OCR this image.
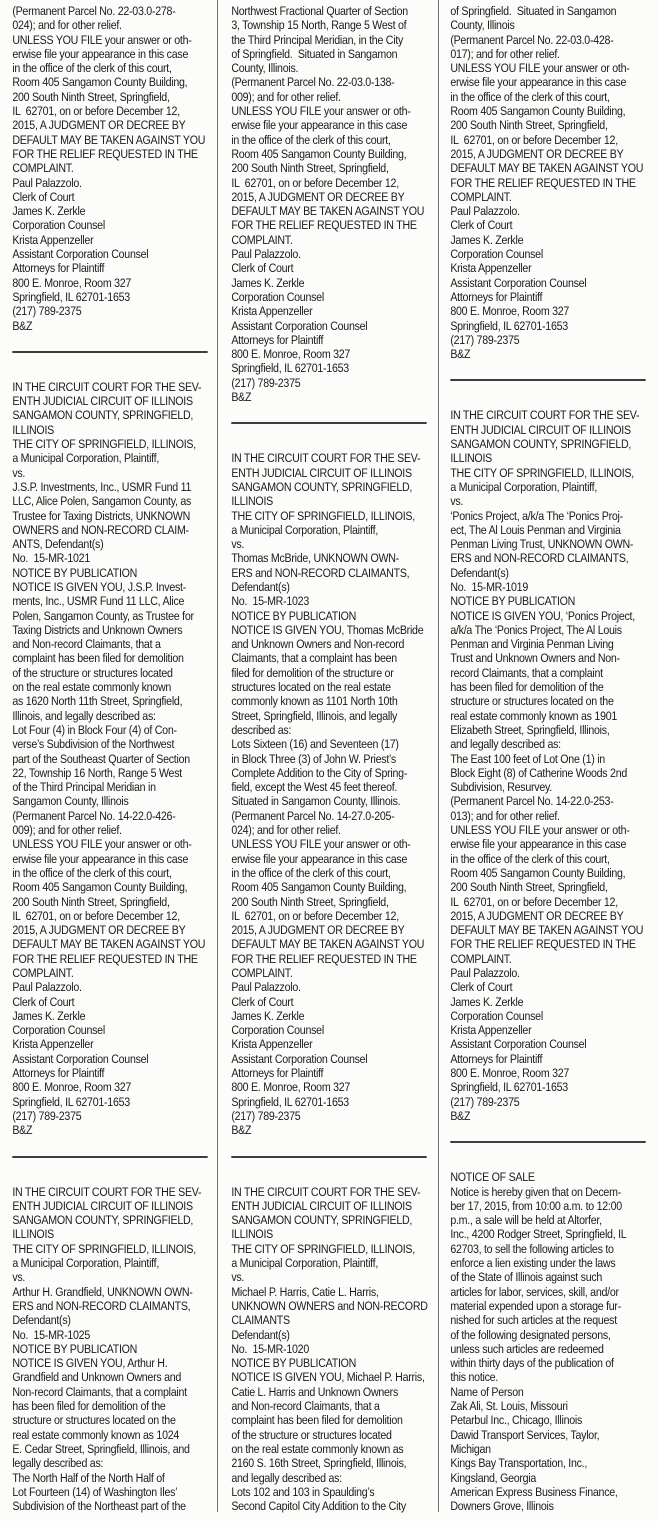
(Permanent Parcel No. 22-03.0-278-
024); and for other relief.
UNLESS YOU FILE your answer or oth-
erwise file your appearance in this case
in the office of the clerk of this court,
Room 405 Sangamon County Building,
200 South Ninth Street, Springfield,
IL  62701, on or before December 12,
2015, A JUDGMENT OR DECREE BY
DEFAULT MAY BE TAKEN AGAINST YOU
FOR THE RELIEF REQUESTED IN THE
COMPLAINT.
Paul Palazzolo.
Clerk of Court
James K. Zerkle
Corporation Counsel
Krista Appenzeller
Assistant Corporation Counsel
Attorneys for Plaintiff
800 E. Monroe, Room 327
Springfield, IL 62701-1653
(217) 789-2375
B&Z
IN THE CIRCUIT COURT FOR THE SEV-
ENTH JUDICIAL CIRCUIT OF ILLINOIS
SANGAMON COUNTY, SPRINGFIELD,
ILLINOIS
THE CITY OF SPRINGFIELD, ILLINOIS,
a Municipal Corporation, Plaintiff,
vs.
J.S.P. Investments, Inc., USMR Fund 11
LLC, Alice Polen, Sangamon County, as
Trustee for Taxing Districts, UNKNOWN
OWNERS and NON-RECORD CLAIM-
ANTS, Defendant(s)
No.  15-MR-1021
NOTICE BY PUBLICATION
NOTICE IS GIVEN YOU, J.S.P. Invest-
ments, Inc., USMR Fund 11 LLC, Alice
Polen, Sangamon County, as Trustee for
Taxing Districts and Unknown Owners
and Non-record Claimants, that a
complaint has been filed for demolition
of the structure or structures located
on the real estate commonly known
as 1620 North 11th Street, Springfield,
Illinois, and legally described as:
Lot Four (4) in Block Four (4) of Con-
verse’s Subdivision of the Northwest
part of the Southeast Quarter of Section
22, Township 16 North, Range 5 West
of the Third Principal Meridian in
Sangamon County, Illinois
(Permanent Parcel No. 14-22.0-426-
009); and for other relief.
UNLESS YOU FILE your answer or oth-
erwise file your appearance in this case
in the office of the clerk of this court,
Room 405 Sangamon County Building,
200 South Ninth Street, Springfield,
IL  62701, on or before December 12,
2015, A JUDGMENT OR DECREE BY
DEFAULT MAY BE TAKEN AGAINST YOU
FOR THE RELIEF REQUESTED IN THE
COMPLAINT.
Paul Palazzolo.
Clerk of Court
James K. Zerkle
Corporation Counsel
Krista Appenzeller
Assistant Corporation Counsel
Attorneys for Plaintiff
800 E. Monroe, Room 327
Springfield, IL 62701-1653
(217) 789-2375
B&Z
IN THE CIRCUIT COURT FOR THE SEV-
ENTH JUDICIAL CIRCUIT OF ILLINOIS
SANGAMON COUNTY, SPRINGFIELD,
ILLINOIS
THE CITY OF SPRINGFIELD, ILLINOIS,
a Municipal Corporation, Plaintiff,
vs.
Arthur H. Grandfield, UNKNOWN OWN-
ERS and NON-RECORD CLAIMANTS,
Defendant(s)
No.  15-MR-1025
NOTICE BY PUBLICATION
NOTICE IS GIVEN YOU, Arthur H.
Grandfield and Unknown Owners and
Non-record Claimants, that a complaint
has been filed for demolition of the
structure or structures located on the
real estate commonly known as 1024
E. Cedar Street, Springfield, Illinois, and
legally described as:
The North Half of the North Half of
Lot Fourteen (14) of Washington Iles’
Subdivision of the Northeast part of the
Northwest Fractional Quarter of Section
3, Township 15 North, Range 5 West of
the Third Principal Meridian, in the City
of Springfield.  Situated in Sangamon
County, Illinois.
(Permanent Parcel No. 22-03.0-138-
009); and for other relief.
UNLESS YOU FILE your answer or oth-
erwise file your appearance in this case
in the office of the clerk of this court,
Room 405 Sangamon County Building,
200 South Ninth Street, Springfield,
IL  62701, on or before December 12,
2015, A JUDGMENT OR DECREE BY
DEFAULT MAY BE TAKEN AGAINST YOU
FOR THE RELIEF REQUESTED IN THE
COMPLAINT.
Paul Palazzolo.
Clerk of Court
James K. Zerkle
Corporation Counsel
Krista Appenzeller
Assistant Corporation Counsel
Attorneys for Plaintiff
800 E. Monroe, Room 327
Springfield, IL 62701-1653
(217) 789-2375
B&Z
IN THE CIRCUIT COURT FOR THE SEV-
ENTH JUDICIAL CIRCUIT OF ILLINOIS
SANGAMON COUNTY, SPRINGFIELD,
ILLINOIS
THE CITY OF SPRINGFIELD, ILLINOIS,
a Municipal Corporation, Plaintiff,
vs.
Thomas McBride, UNKNOWN OWN-
ERS and NON-RECORD CLAIMANTS,
Defendant(s)
No.  15-MR-1023
NOTICE BY PUBLICATION
NOTICE IS GIVEN YOU, Thomas McBride
and Unknown Owners and Non-record
Claimants, that a complaint has been
filed for demolition of the structure or
structures located on the real estate
commonly known as 1101 North 10th
Street, Springfield, Illinois, and legally
described as:
Lots Sixteen (16) and Seventeen (17)
in Block Three (3) of John W. Priest’s
Complete Addition to the City of Spring-
field, except the West 45 feet thereof.
Situated in Sangamon County, Illinois.
(Permanent Parcel No. 14-27.0-205-
024); and for other relief.
UNLESS YOU FILE your answer or oth-
erwise file your appearance in this case
in the office of the clerk of this court,
Room 405 Sangamon County Building,
200 South Ninth Street, Springfield,
IL  62701, on or before December 12,
2015, A JUDGMENT OR DECREE BY
DEFAULT MAY BE TAKEN AGAINST YOU
FOR THE RELIEF REQUESTED IN THE
COMPLAINT.
Paul Palazzolo.
Clerk of Court
James K. Zerkle
Corporation Counsel
Krista Appenzeller
Assistant Corporation Counsel
Attorneys for Plaintiff
800 E. Monroe, Room 327
Springfield, IL 62701-1653
(217) 789-2375
B&Z
IN THE CIRCUIT COURT FOR THE SEV-
ENTH JUDICIAL CIRCUIT OF ILLINOIS
SANGAMON COUNTY, SPRINGFIELD,
ILLINOIS
THE CITY OF SPRINGFIELD, ILLINOIS,
a Municipal Corporation, Plaintiff,
vs.
Michael P. Harris, Catie L. Harris,
UNKNOWN OWNERS and NON-RECORD
CLAIMANTS
Defendant(s)
No.  15-MR-1020
NOTICE BY PUBLICATION
NOTICE IS GIVEN YOU, Michael P. Harris,
Catie L. Harris and Unknown Owners
and Non-record Claimants, that a
complaint has been filed for demolition
of the structure or structures located
on the real estate commonly known as
2160 S. 16th Street, Springfield, Illinois,
and legally described as:
Lots 102 and 103 in Spaulding’s
Second Capitol City Addition to the City
of Springfield.  Situated in Sangamon
County, Illinois
(Permanent Parcel No. 22-03.0-428-
017); and for other relief.
UNLESS YOU FILE your answer or oth-
erwise file your appearance in this case
in the office of the clerk of this court,
Room 405 Sangamon County Building,
200 South Ninth Street, Springfield,
IL  62701, on or before December 12,
2015, A JUDGMENT OR DECREE BY
DEFAULT MAY BE TAKEN AGAINST YOU
FOR THE RELIEF REQUESTED IN THE
COMPLAINT.
Paul Palazzolo.
Clerk of Court
James K. Zerkle
Corporation Counsel
Krista Appenzeller
Assistant Corporation Counsel
Attorneys for Plaintiff
800 E. Monroe, Room 327
Springfield, IL 62701-1653
(217) 789-2375
B&Z
IN THE CIRCUIT COURT FOR THE SEV-
ENTH JUDICIAL CIRCUIT OF ILLINOIS
SANGAMON COUNTY, SPRINGFIELD,
ILLINOIS
THE CITY OF SPRINGFIELD, ILLINOIS,
a Municipal Corporation, Plaintiff,
vs.
‘Ponics Project, a/k/a The ‘Ponics Proj-
ect, The Al Louis Penman and Virginia
Penman Living Trust, UNKNOWN OWN-
ERS and NON-RECORD CLAIMANTS,
Defendant(s)
No.  15-MR-1019
NOTICE BY PUBLICATION
NOTICE IS GIVEN YOU, ‘Ponics Project,
a/k/a The ‘Ponics Project, The Al Louis
Penman and Virginia Penman Living
Trust and Unknown Owners and Non-
record Claimants, that a complaint
has been filed for demolition of the
structure or structures located on the
real estate commonly known as 1901
Elizabeth Street, Springfield, Illinois,
and legally described as:
The East 100 feet of Lot One (1) in
Block Eight (8) of Catherine Woods 2nd
Subdivision, Resurvey.
(Permanent Parcel No. 14-22.0-253-
013); and for other relief.
UNLESS YOU FILE your answer or oth-
erwise file your appearance in this case
in the office of the clerk of this court,
Room 405 Sangamon County Building,
200 South Ninth Street, Springfield,
IL  62701, on or before December 12,
2015, A JUDGMENT OR DECREE BY
DEFAULT MAY BE TAKEN AGAINST YOU
FOR THE RELIEF REQUESTED IN THE
COMPLAINT.
Paul Palazzolo.
Clerk of Court
James K. Zerkle
Corporation Counsel
Krista Appenzeller
Assistant Corporation Counsel
Attorneys for Plaintiff
800 E. Monroe, Room 327
Springfield, IL 62701-1653
(217) 789-2375
B&Z
NOTICE OF SALE
Notice is hereby given that on Decem-
ber 17, 2015, from 10:00 a.m. to 12:00
p.m., a sale will be held at Altorfer,
Inc., 4200 Rodger Street, Springfield, IL
62703, to sell the following articles to
enforce a lien existing under the laws
of the State of Illinois against such
articles for labor, services, skill, and/or
material expended upon a storage fur-
nished for such articles at the request
of the following designated persons,
unless such articles are redeemed
within thirty days of the publication of
this notice.
Name of Person
Zak Ali, St. Louis, Missouri
Petarbul Inc., Chicago, Illinois
Dawid Transport Services, Taylor,
Michigan
Kings Bay Transportation, Inc.,
Kingsland, Georgia
American Express Business Finance,
Downers Grove, Illinois
